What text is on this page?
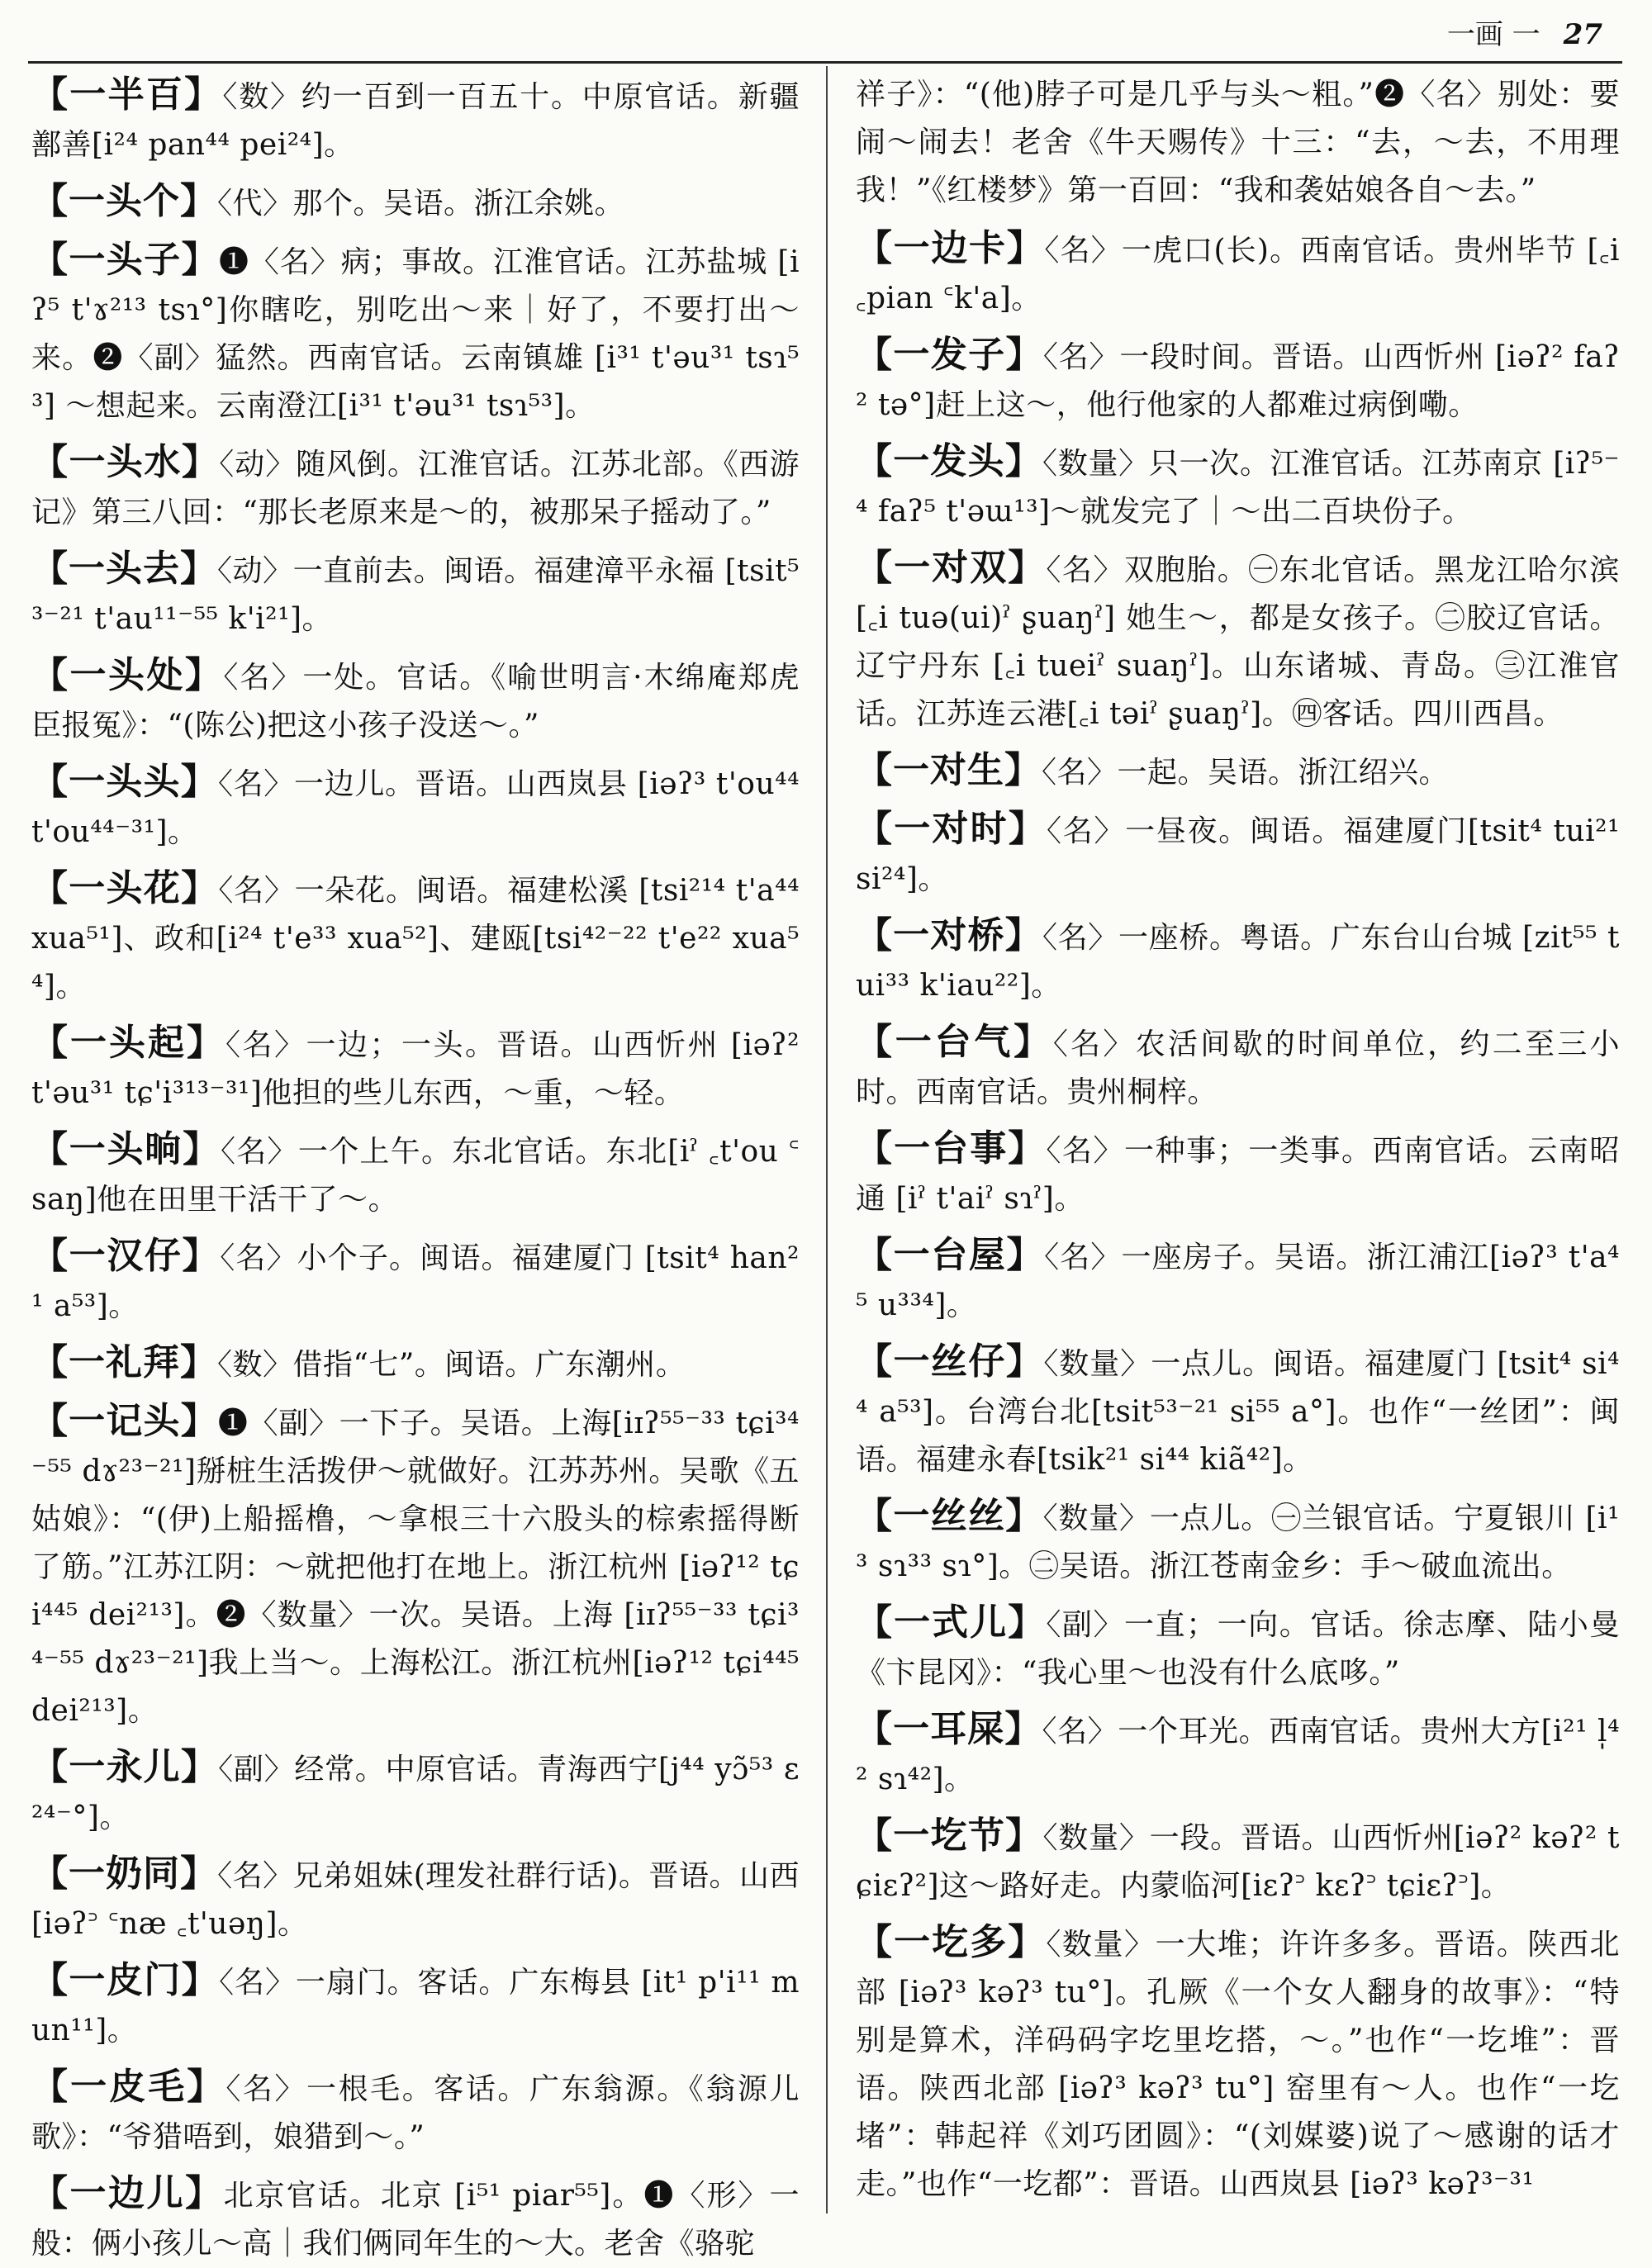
一画 一 27

【一半百】〈数〉约一百到一百五十。中原官话。新疆鄯善[i²⁴ pan⁴⁴ pei²⁴]。

【一头个】〈代〉那个。吴语。浙江余姚。

【一头子】❶〈名〉病；事故。江淮官话。江苏盐城 [iʔ⁵ t'ɤ²¹³ tsɿ°]你瞎吃，别吃出～来｜好了，不要打出～来。❷〈副〉猛然。西南官话。云南镇雄 [i³¹ t'əu³¹ tsɿ⁵³] ～想起来。云南澄江[i³¹ t'əu³¹ tsɿ⁵³]。

【一头水】〈动〉随风倒。江淮官话。江苏北部。《西游记》第三八回：“那长老原来是～的，被那呆子摇动了。”

【一头去】〈动〉一直前去。闽语。福建漳平永福 [tsit⁵³⁻²¹ t'au¹¹⁻⁵⁵ k'i²¹]。

【一头处】〈名〉一处。官话。《喻世明言·木绵庵郑虎臣报冤》：“(陈公)把这小孩子没送～。”

【一头头】〈名〉一边儿。晋语。山西岚县 [iəʔ³ t'ou⁴⁴ t'ou⁴⁴⁻³¹]。

【一头花】〈名〉一朵花。闽语。福建松溪 [tsi²¹⁴ t'a⁴⁴ xua⁵¹]、政和[i²⁴ t'e³³ xua⁵²]、建瓯[tsi⁴²⁻²² t'e²² xua⁵⁴]。

【一头起】〈名〉一边；一头。晋语。山西忻州 [iəʔ² t'əu³¹ tɕ'i³¹³⁻³¹]他担的些儿东西，～重，～轻。

【一头晌】〈名〉一个上午。东北官话。东北[iˀ ꜀t'ou ꜂saŋ]他在田里干活干了～。

【一汉仔】〈名〉小个子。闽语。福建厦门 [tsit⁴ han²¹ a⁵³]。

【一礼拜】〈数〉借指“七”。闽语。广东潮州。

【一记头】❶〈副〉一下子。吴语。上海[iɪʔ⁵⁵⁻³³ tɕi³⁴⁻⁵⁵ dɤ²³⁻²¹]掰桩生活拨伊～就做好。江苏苏州。吴歌《五姑娘》：“(伊)上船摇橹，～拿根三十六股头的棕索摇得断了筋。”江苏江阴：～就把他打在地上。浙江杭州 [iəʔ¹² tɕi⁴⁴⁵ dei²¹³]。❷〈数量〉一次。吴语。上海 [iɪʔ⁵⁵⁻³³ tɕi³⁴⁻⁵⁵ dɤ²³⁻²¹]我上当～。上海松江。浙江杭州[iəʔ¹² tɕi⁴⁴⁵ dei²¹³]。

【一永儿】〈副〉经常。中原官话。青海西宁[j⁴⁴ yɔ̃⁵³ ɛ²⁴⁻°]。

【一奶同】〈名〉兄弟姐妹(理发社群行话)。晋语。山西[iəʔ꜄ ꜂næ ꜀t'uəŋ]。

【一皮门】〈名〉一扇门。客话。广东梅县 [it¹ p'i¹¹ mun¹¹]。

【一皮毛】〈名〉一根毛。客话。广东翁源。《翁源儿歌》：“爷猎唔到，娘猎到～。”

【一边儿】北京官话。北京 [i⁵¹ piar⁵⁵]。❶〈形〉一般：俩小孩儿～高｜我们俩同年生的～大。老舍《骆驼

祥子》：“(他)脖子可是几乎与头～粗。”❷〈名〉别处：要闹～闹去！老舍《牛天赐传》十三：“去，～去，不用理我！”《红楼梦》第一百回：“我和袭姑娘各自～去。”

【一边卡】〈名〉一虎口(长)。西南官话。贵州毕节 [꜀i ꜀pian ꜂k'a]。

【一发子】〈名〉一段时间。晋语。山西忻州 [iəʔ² faʔ² tə°]赶上这～，他行他家的人都难过病倒嘞。

【一发头】〈数量〉只一次。江淮官话。江苏南京 [iʔ⁵⁻⁴ faʔ⁵ t'əɯ¹³]～就发完了｜～出二百块份子。

【一对双】〈名〉双胞胎。㊀东北官话。黑龙江哈尔滨 [꜀i tuə(ui)ˀ ʂuaŋˀ] 她生～，都是女孩子。㊁胶辽官话。辽宁丹东 [꜀i tueiˀ suaŋˀ]。山东诸城、青岛。㊂江淮官话。江苏连云港[꜀i təiˀ ʂuaŋˀ]。㊃客话。四川西昌。

【一对生】〈名〉一起。吴语。浙江绍兴。

【一对时】〈名〉一昼夜。闽语。福建厦门[tsit⁴ tui²¹ si²⁴]。

【一对桥】〈名〉一座桥。粤语。广东台山台城 [zit⁵⁵ tui³³ k'iau²²]。

【一台气】〈名〉农活间歇的时间单位，约二至三小时。西南官话。贵州桐梓。

【一台事】〈名〉一种事；一类事。西南官话。云南昭通 [iˀ t'aiˀ sɿˀ]。

【一台屋】〈名〉一座房子。吴语。浙江浦江[iəʔ³ t'a⁴⁵ u³³⁴]。

【一丝仔】〈数量〉一点儿。闽语。福建厦门 [tsit⁴ si⁴⁴ a⁵³]。台湾台北[tsit⁵³⁻²¹ si⁵⁵ a°]。也作“一丝团”：闽语。福建永春[tsik²¹ si⁴⁴ kiã⁴²]。

【一丝丝】〈数量〉一点儿。㊀兰银官话。宁夏银川 [i¹³ sɿ³³ sɿ°]。㊁吴语。浙江苍南金乡：手～破血流出。

【一式儿】〈副〉一直；一向。官话。徐志摩、陆小曼《卞昆冈》：“我心里～也没有什么底哆。”

【一耳屎】〈名〉一个耳光。西南官话。贵州大方[i²¹ l̩⁴² sɿ⁴²]。

【一圪节】〈数量〉一段。晋语。山西忻州[iəʔ² kəʔ² tɕiɛʔ²]这～路好走。内蒙临河[iɛʔ꜄ kɛʔ꜄ tɕiɛʔ꜄]。

【一圪多】〈数量〉一大堆；许许多多。晋语。陕西北部 [iəʔ³ kəʔ³ tu°]。孔厥《一个女人翻身的故事》：“特别是算术，洋码码字圪里圪搭，～。”也作“一圪堆”：晋语。陕西北部 [iəʔ³ kəʔ³ tu°] 窑里有～人。也作“一圪堵”：韩起祥《刘巧团圆》：“(刘媒婆)说了～感谢的话才走。”也作“一圪都”：晋语。山西岚县 [iəʔ³ kəʔ³⁻³¹
